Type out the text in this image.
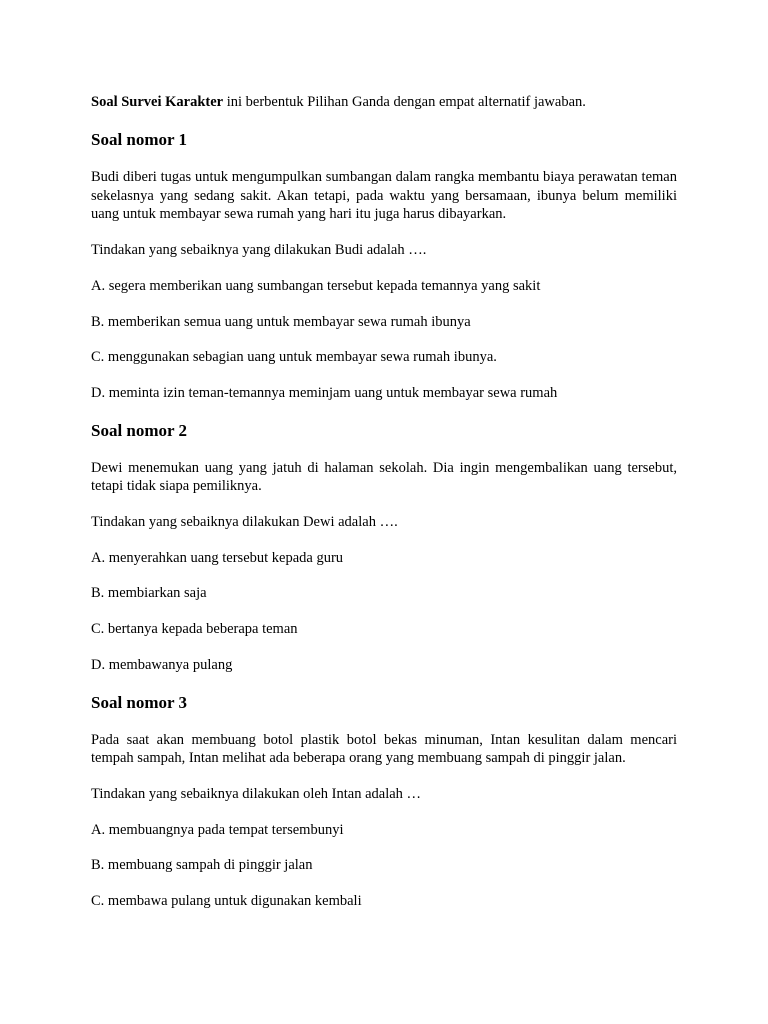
Soal Survei Karakter ini berbentuk Pilihan Ganda dengan empat alternatif jawaban.
Soal nomor 1

Budi diberi tugas untuk mengumpulkan sumbangan dalam rangka membantu biaya perawatan teman sekelasnya yang sedang sakit. Akan tetapi, pada waktu yang bersamaan, ibunya belum memiliki uang untuk membayar sewa rumah yang hari itu juga harus dibayarkan.

Tindakan yang sebaiknya yang dilakukan Budi adalah ….

A. segera memberikan uang sumbangan tersebut kepada temannya yang sakit

B. memberikan semua uang untuk membayar sewa rumah ibunya

C. menggunakan sebagian uang untuk membayar sewa rumah ibunya.

D. meminta izin teman-temannya meminjam uang untuk membayar sewa rumah

Soal nomor 2

Dewi menemukan uang yang jatuh di halaman sekolah. Dia ingin mengembalikan uang tersebut, tetapi tidak siapa pemiliknya.

Tindakan yang sebaiknya dilakukan Dewi adalah ….

A. menyerahkan uang tersebut kepada guru

B. membiarkan saja

C. bertanya kepada beberapa teman

D. membawanya pulang

Soal nomor 3

Pada saat akan membuang botol plastik botol bekas minuman, Intan kesulitan dalam mencari tempah sampah, Intan melihat ada beberapa orang yang membuang sampah di pinggir jalan.

Tindakan yang sebaiknya dilakukan oleh Intan adalah …

A. membuangnya pada tempat tersembunyi

B. membuang sampah di pinggir jalan

C. membawa pulang untuk digunakan kembali
